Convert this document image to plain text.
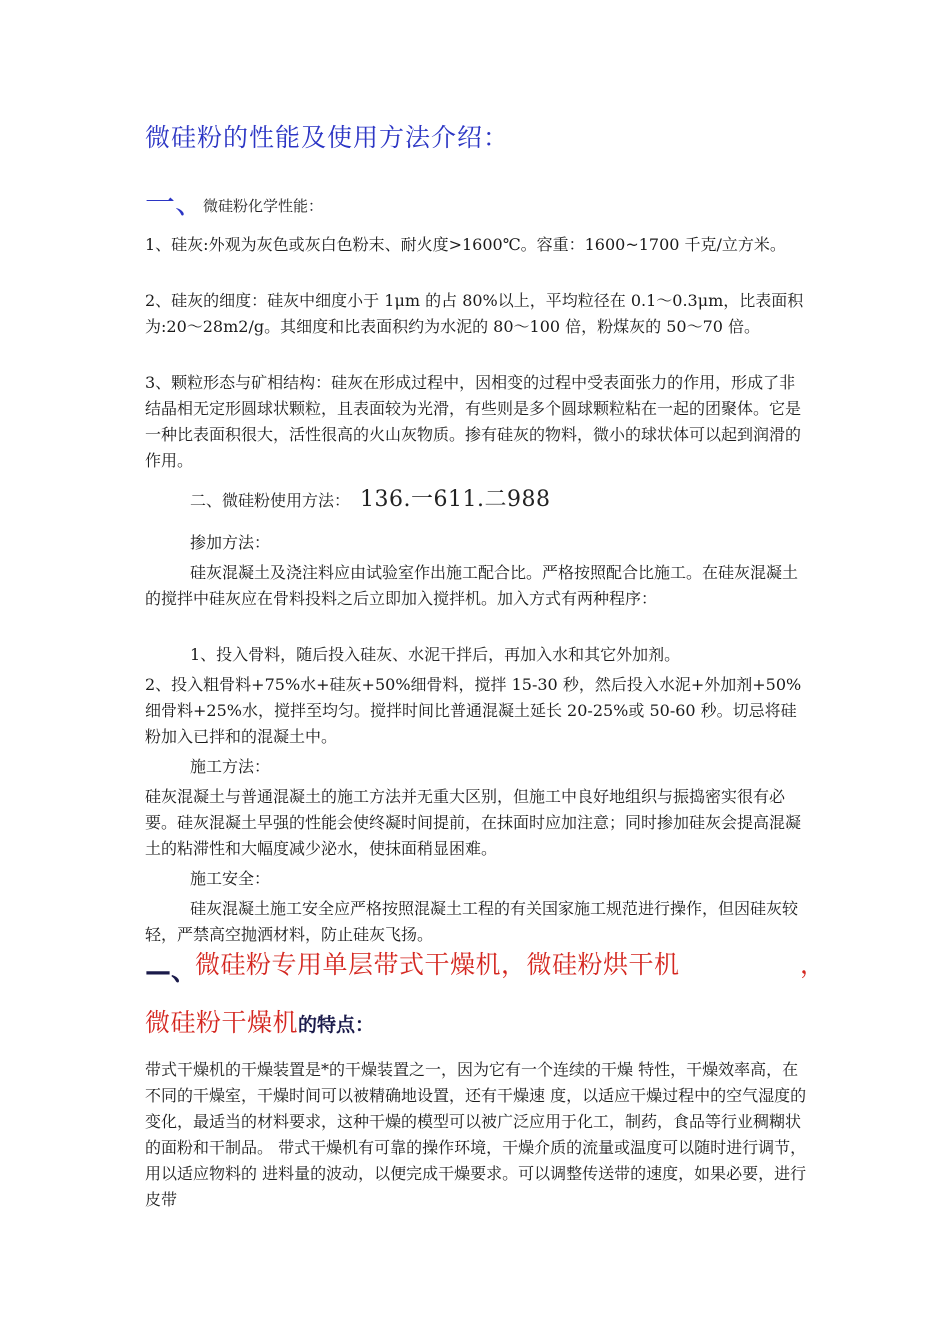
微硅粉的性能及使用方法介绍：
一、
微硅粉化学性能：

1、硅灰:外观为灰色或灰白色粉末、耐火度>1600℃。容重：1600~1700 千克/立方米。

2、硅灰的细度：硅灰中细度小于 1μm 的占 80%以上，平均粒径在 0.1～0.3μm，比表面积为:20～28m2/g。其细度和比表面积约为水泥的 80～100 倍，粉煤灰的 50～70 倍。

3、颗粒形态与矿相结构：硅灰在形成过程中，因相变的过程中受表面张力的作用，形成了非结晶相无定形圆球状颗粒，且表面较为光滑，有些则是多个圆球颗粒粘在一起的团聚体。它是一种比表面积很大，活性很高的火山灰物质。掺有硅灰的物料，微小的球状体可以起到润滑的作用。

二、微硅粉使用方法： 136.一611.二988
掺加方法：

硅灰混凝土及浇注料应由试验室作出施工配合比。严格按照配合比施工。在硅灰混凝土的搅拌中硅灰应在骨料投料之后立即加入搅拌机。加入方式有两种程序：

1、投入骨料，随后投入硅灰、水泥干拌后，再加入水和其它外加剂。

2、投入粗骨料+75%水+硅灰+50%细骨料，搅拌 15-30 秒，然后投入水泥+外加剂+50%细骨料+25%水，搅拌至均匀。搅拌时间比普通混凝土延长 20-25%或 50-60 秒。切忌将硅粉加入已拌和的混凝土中。

施工方法：

硅灰混凝土与普通混凝土的施工方法并无重大区别，但施工中良好地组织与振捣密实很有必要。硅灰混凝土早强的性能会使终凝时间提前，在抹面时应加注意；同时掺加硅灰会提高混凝土的粘滞性和大幅度减少泌水，使抹面稍显困难。

施工安全：

硅灰混凝土施工安全应严格按照混凝土工程的有关国家施工规范进行操作，但因硅灰较轻，严禁高空抛洒材料，防止硅灰飞扬。

—、
微硅粉专用单层带式干燥机，微硅粉烘干机	，
微硅粉干燥机的特点：

带式干燥机的干燥装置是*的干燥装置之一，因为它有一个连续的干燥 特性，干燥效率高，在不同的干燥室，干燥时间可以被精确地设置，还有干燥速 度，以适应干燥过程中的空气湿度的变化，最适当的材料要求，这种干燥的模型可以被广泛应用于化工，制药，食品等行业稠糊状的面粉和干制品。 带式干燥机有可靠的操作环境，干燥介质的流量或温度可以随时进行调节，用以适应物料的 进料量的波动，以便完成干燥要求。可以调整传送带的速度，如果必要，进行皮带
